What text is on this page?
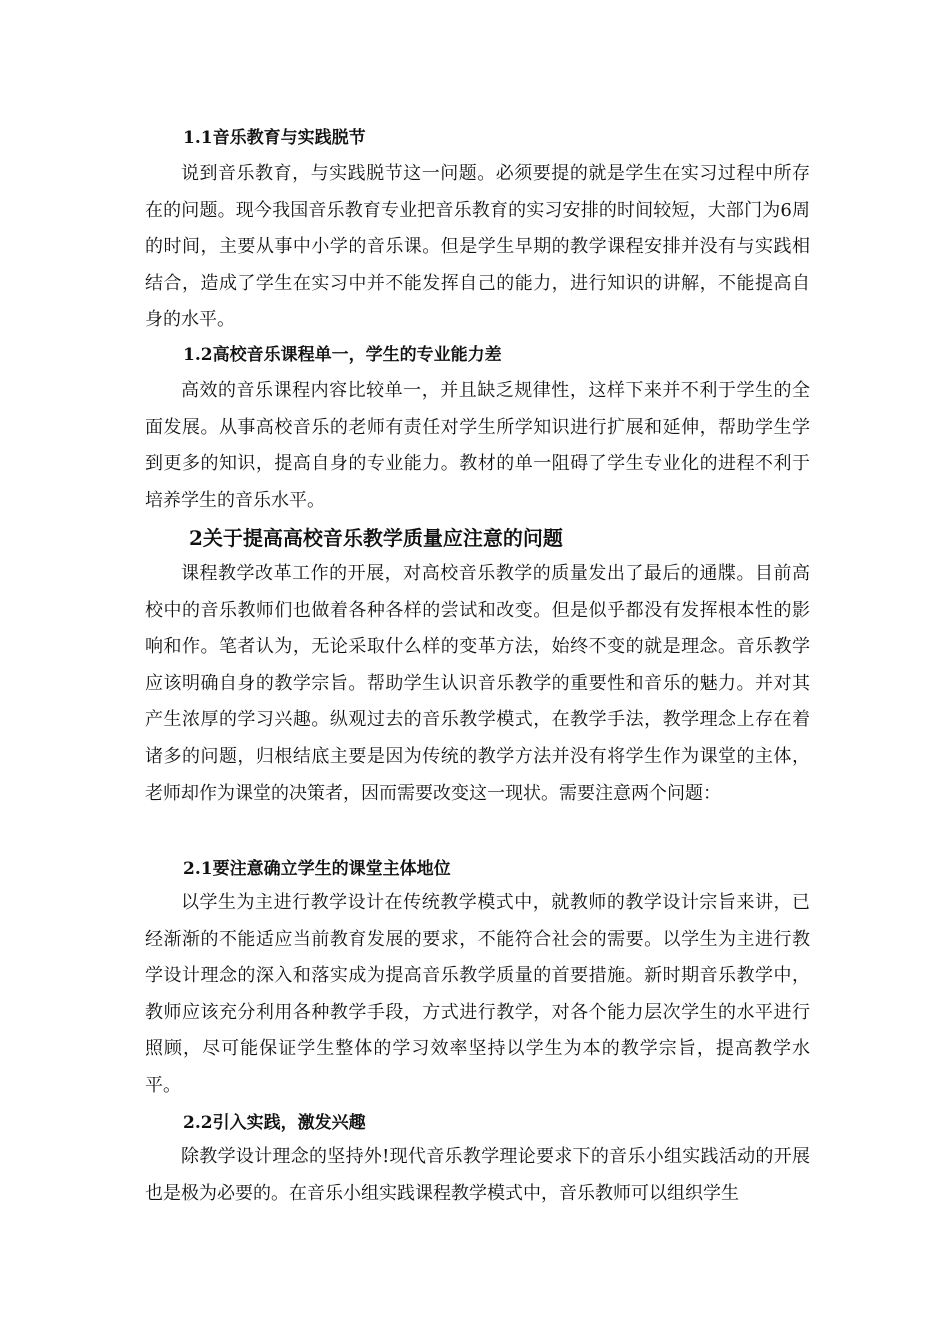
1.1音乐教育与实践脱节

说到音乐教育，与实践脱节这一问题。必须要提的就是学生在实习过程中所存在的问题。现今我国音乐教育专业把音乐教育的实习安排的时间较短，大部门为6周的时间，主要从事中小学的音乐课。但是学生早期的教学课程安排并没有与实践相结合，造成了学生在实习中并不能发挥自己的能力，进行知识的讲解，不能提高自身的水平。

1.2高校音乐课程单一，学生的专业能力差

高效的音乐课程内容比较单一，并且缺乏规律性，这样下来并不利于学生的全面发展。从事高校音乐的老师有责任对学生所学知识进行扩展和延伸，帮助学生学到更多的知识，提高自身的专业能力。教材的单一阻碍了学生专业化的进程不利于培养学生的音乐水平。

2关于提高高校音乐教学质量应注意的问题

课程教学改革工作的开展，对高校音乐教学的质量发出了最后的通牒。目前高校中的音乐教师们也做着各种各样的尝试和改变。但是似乎都没有发挥根本性的影响和作。笔者认为，无论采取什么样的变革方法，始终不变的就是理念。音乐教学应该明确自身的教学宗旨。帮助学生认识音乐教学的重要性和音乐的魅力。并对其产生浓厚的学习兴趣。纵观过去的音乐教学模式，在教学手法，教学理念上存在着诸多的问题，归根结底主要是因为传统的教学方法并没有将学生作为课堂的主体，老师却作为课堂的决策者，因而需要改变这一现状。需要注意两个问题：

2.1要注意确立学生的课堂主体地位

以学生为主进行教学设计在传统教学模式中，就教师的教学设计宗旨来讲，已经渐渐的不能适应当前教育发展的要求，不能符合社会的需要。以学生为主进行教学设计理念的深入和落实成为提高音乐教学质量的首要措施。新时期音乐教学中，教师应该充分利用各种教学手段，方式进行教学，对各个能力层次学生的水平进行照顾，尽可能保证学生整体的学习效率坚持以学生为本的教学宗旨，提高教学水平。

2.2引入实践，激发兴趣

除教学设计理念的坚持外!现代音乐教学理论要求下的音乐小组实践活动的开展也是极为必要的。在音乐小组实践课程教学模式中，音乐教师可以组织学生
